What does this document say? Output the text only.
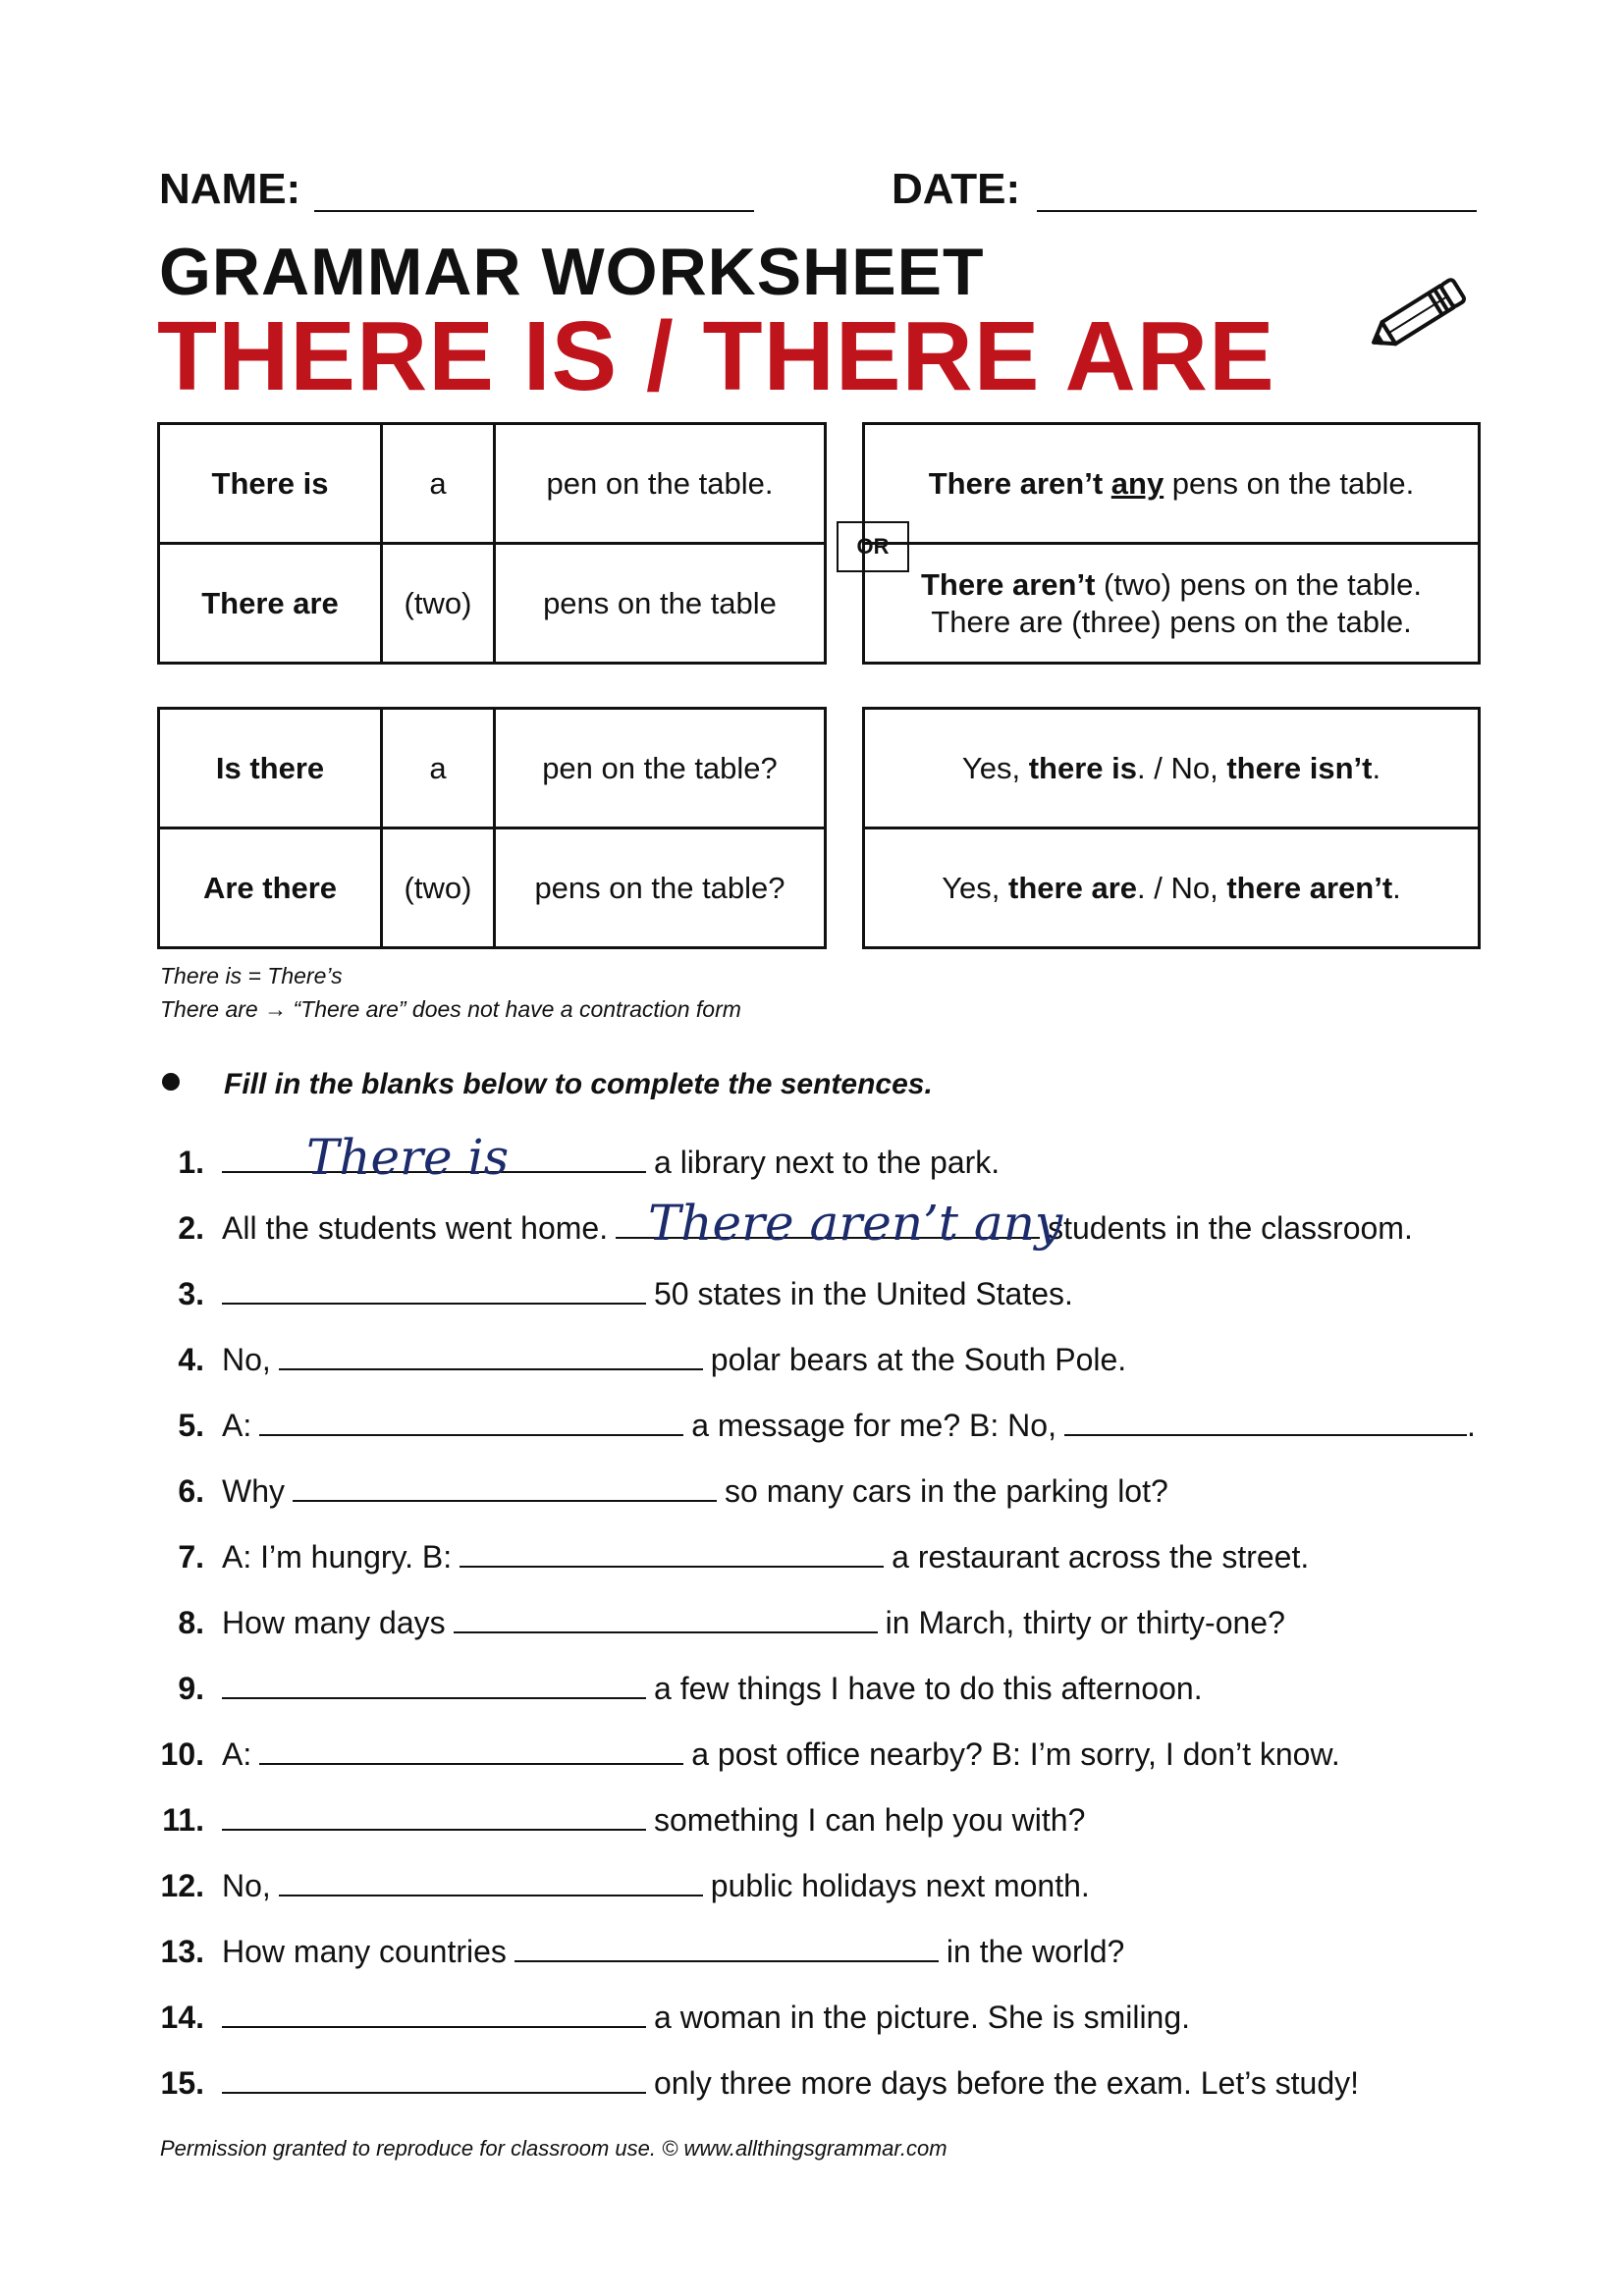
NAME:	DATE:
GRAMMAR WORKSHEET
THERE IS / THERE ARE
There is	a	pen on the table.
There are	(two)	pens on the table
OR
There aren’t any pens on the table.

There aren’t (two) pens on the table.
There are (three) pens on the table.
Is there	a	pen on the table?
Are there	(two)	pens on the table?
Yes, there is. / No, there isn’t.
Yes, there are. / No, there aren’t.
There is = There’s
There are → “There are” does not have a contraction form
Fill in the blanks below to complete the sentences.
1.	a library next to the park.
2. All the students went home.	students in the classroom.
3.	50 states in the United States.
4. No,	polar bears at the South Pole.
5. A:	a message for me? B: No,	.
6. Why	so many cars in the parking lot?
7. A: I’m hungry. B:	a restaurant across the street.
8. How many days	in March, thirty or thirty-one?
9.	a few things I have to do this afternoon.
10. A:	a post office nearby? B: I’m sorry, I don’t know.
11.	something I can help you with?
12. No,	public holidays next month.
13. How many countries	in the world?
14.	a woman in the picture. She is smiling.
15.	only three more days before the exam. Let’s study!
There is
There aren’t any
Permission granted to reproduce for classroom use. © www.allthingsgrammar.com
